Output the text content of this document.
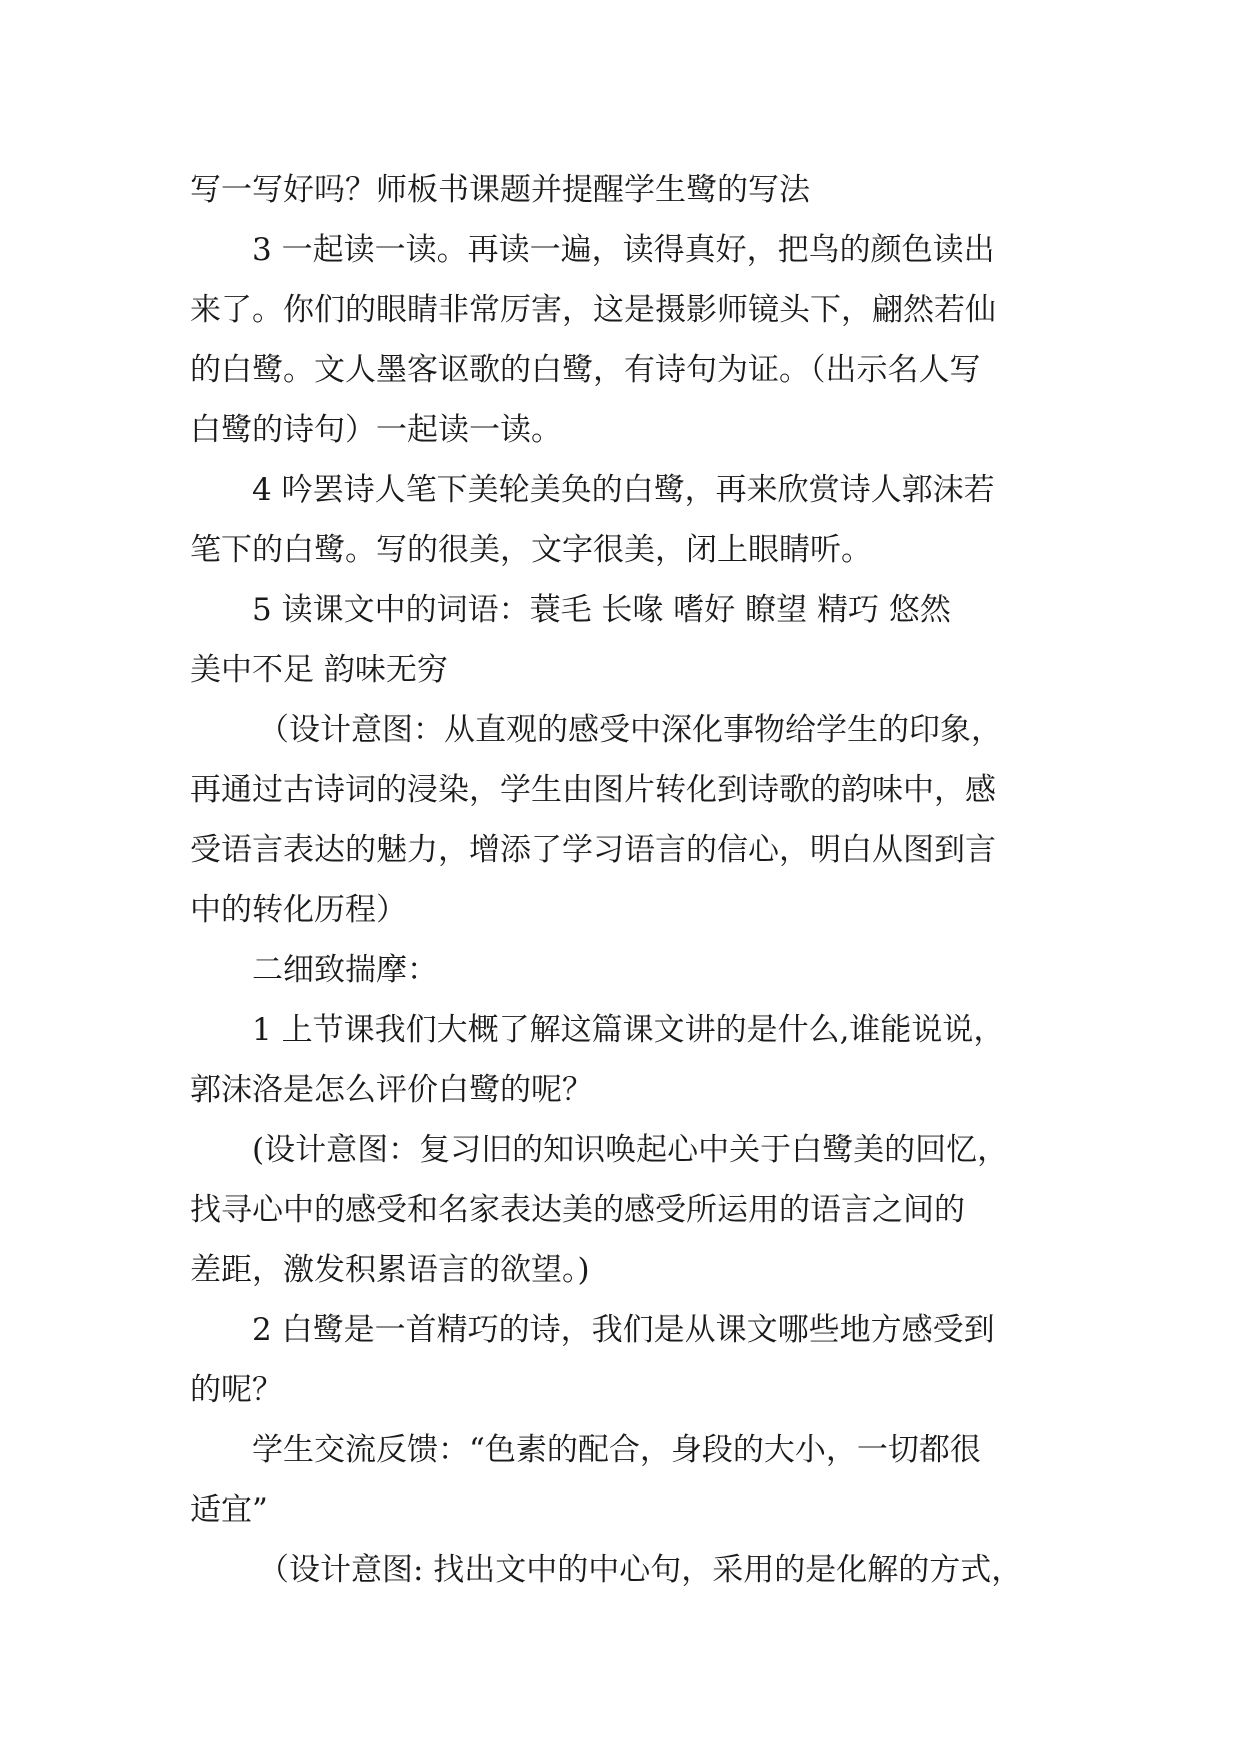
写一写好吗？师板书课题并提醒学生鹭的写法
3 一起读一读。再读一遍，读得真好，把鸟的颜色读出
来了。你们的眼睛非常厉害，这是摄影师镜头下，翩然若仙
的白鹭。文人墨客讴歌的白鹭，有诗句为证。（出示名人写
白鹭的诗句）一起读一读。
4 吟罢诗人笔下美轮美奂的白鹭，再来欣赏诗人郭沫若
笔下的白鹭。写的很美，文字很美，闭上眼睛听。
5 读课文中的词语：蓑毛 长喙 嗜好 瞭望 精巧 悠然
美中不足 韵味无穷
（设计意图：从直观的感受中深化事物给学生的印象，
再通过古诗词的浸染，学生由图片转化到诗歌的韵味中，感
受语言表达的魅力，增添了学习语言的信心，明白从图到言
中的转化历程）
二细致揣摩：
1 上节课我们大概了解这篇课文讲的是什么,谁能说说，
郭沫洛是怎么评价白鹭的呢？
(设计意图：复习旧的知识唤起心中关于白鹭美的回忆，
找寻心中的感受和名家表达美的感受所运用的语言之间的
差距，激发积累语言的欲望。)
2 白鹭是一首精巧的诗，我们是从课文哪些地方感受到
的呢？
学生交流反馈：“色素的配合，身段的大小，一切都很
适宜”
（设计意图: 找出文中的中心句，采用的是化解的方式，
